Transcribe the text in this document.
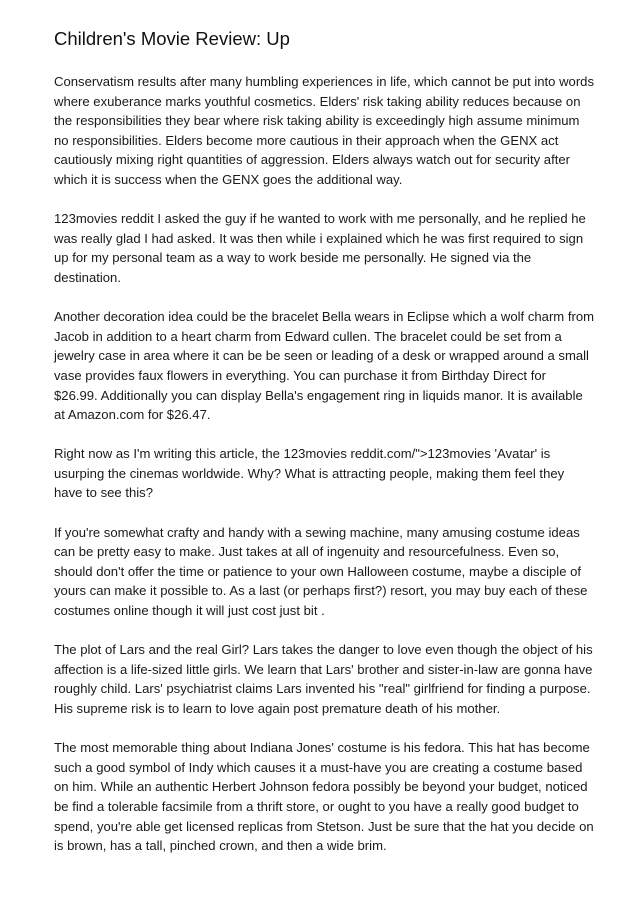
Children's Movie Review: Up

Conservatism results after many humbling experiences in life, which cannot be put into words
where exuberance marks youthful cosmetics. Elders' risk taking ability reduces because on
the responsibilities they bear where risk taking ability is exceedingly high assume minimum
no responsibilities. Elders become more cautious in their approach when the GENX act
cautiously mixing right quantities of aggression. Elders always watch out for security after
which it is success when the GENX goes the additional way.

123movies reddit I asked the guy if he wanted to work with me personally, and he replied he
was really glad I had asked. It was then while i explained which he was first required to sign
up for my personal team as a way to work beside me personally. He signed via the
destination.

Another decoration idea could be the bracelet Bella wears in Eclipse which a wolf charm from
Jacob in addition to a heart charm from Edward cullen. The bracelet could be set from a
jewelry case in area where it can be be seen or leading of a desk or wrapped around a small
vase provides faux flowers in everything. You can purchase it from Birthday Direct for
$26.99. Additionally you can display Bella's engagement ring in liquids manor. It is available
at Amazon.com for $26.47.

Right now as I'm writing this article, the 123movies reddit.com/">123movies 'Avatar' is
usurping the cinemas worldwide. Why? What is attracting people, making them feel they
have to see this?

If you're somewhat crafty and handy with a sewing machine, many amusing costume ideas
can be pretty easy to make. Just takes at all of ingenuity and resourcefulness. Even so,
should don't offer the time or patience to your own Halloween costume, maybe a disciple of
yours can make it possible to. As a last (or perhaps first?) resort, you may buy each of these
costumes online though it will just cost just bit .

The plot of Lars and the real Girl? Lars takes the danger to love even though the object of his
affection is a life-sized little girls. We learn that Lars' brother and sister-in-law are gonna have
roughly child. Lars' psychiatrist claims Lars invented his "real" girlfriend for finding a purpose.
His supreme risk is to learn to love again post premature death of his mother.

The most memorable thing about Indiana Jones' costume is his fedora. This hat has become
such a good symbol of Indy which causes it a must-have you are creating a costume based
on him. While an authentic Herbert Johnson fedora possibly be beyond your budget, noticed
be find a tolerable facsimile from a thrift store, or ought to you have a really good budget to
spend, you're able get licensed replicas from Stetson. Just be sure that the hat you decide on
is brown, has a tall, pinched crown, and then a wide brim.
